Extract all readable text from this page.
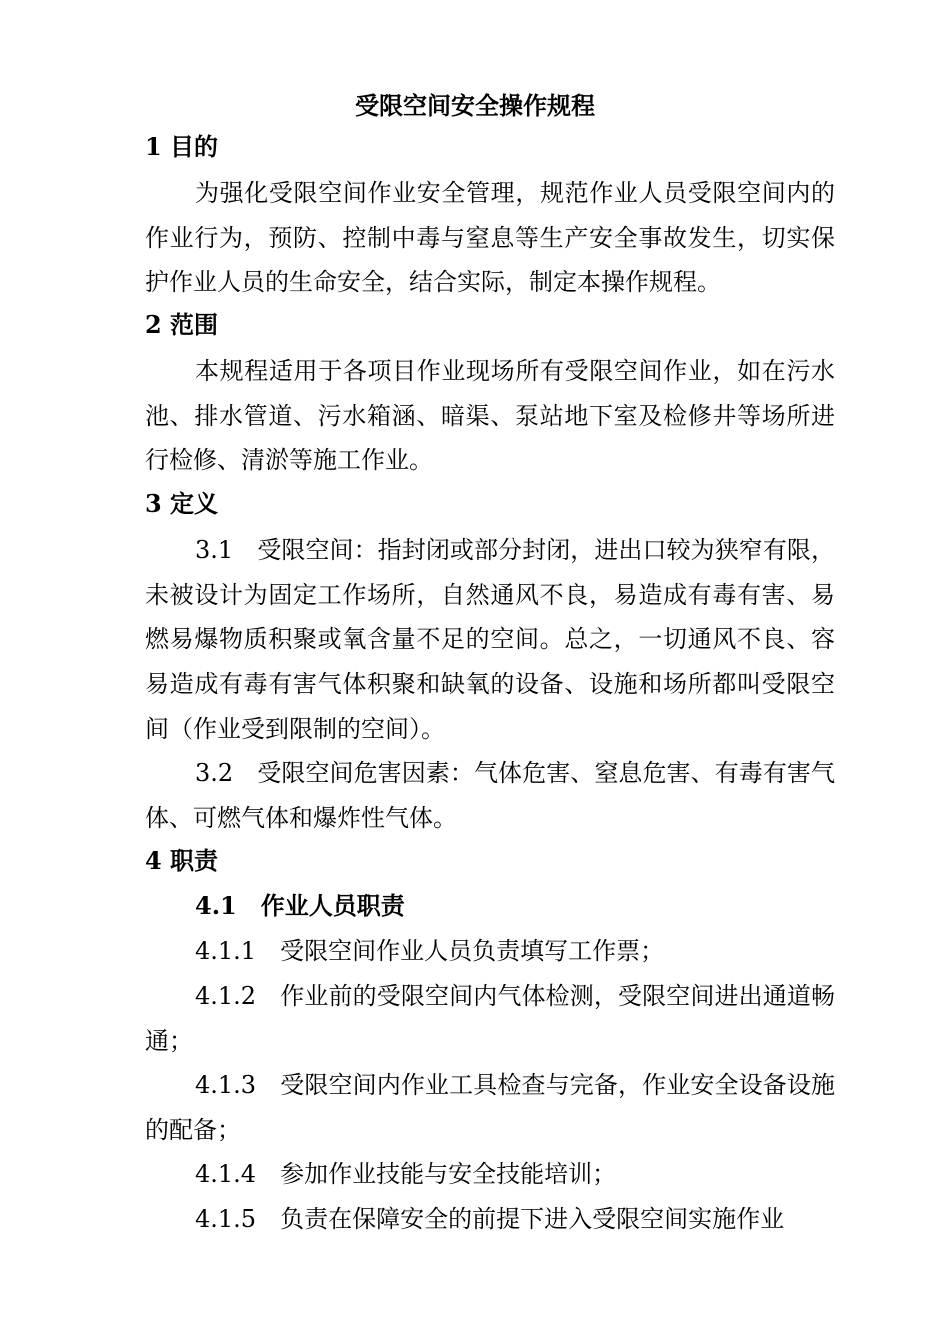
受限空间安全操作规程
1 目的
为强化受限空间作业安全管理，规范作业人员受限空间内的作业行为，预防、控制中毒与窒息等生产安全事故发生，切实保护作业人员的生命安全，结合实际，制定本操作规程。
2 范围
本规程适用于各项目作业现场所有受限空间作业，如在污水池、排水管道、污水箱涵、暗渠、泵站地下室及检修井等场所进行检修、清淤等施工作业。
3 定义
3.1　受限空间：指封闭或部分封闭，进出口较为狭窄有限，未被设计为固定工作场所，自然通风不良，易造成有毒有害、易燃易爆物质积聚或氧含量不足的空间。总之，一切通风不良、容易造成有毒有害气体积聚和缺氧的设备、设施和场所都叫受限空间（作业受到限制的空间）。
3.2　受限空间危害因素：气体危害、窒息危害、有毒有害气体、可燃气体和爆炸性气体。
4 职责
4.1　作业人员职责
4.1.1　受限空间作业人员负责填写工作票；
4.1.2　作业前的受限空间内气体检测，受限空间进出通道畅通；
4.1.3　受限空间内作业工具检查与完备，作业安全设备设施的配备；
4.1.4　参加作业技能与安全技能培训；
4.1.5　负责在保障安全的前提下进入受限空间实施作业
